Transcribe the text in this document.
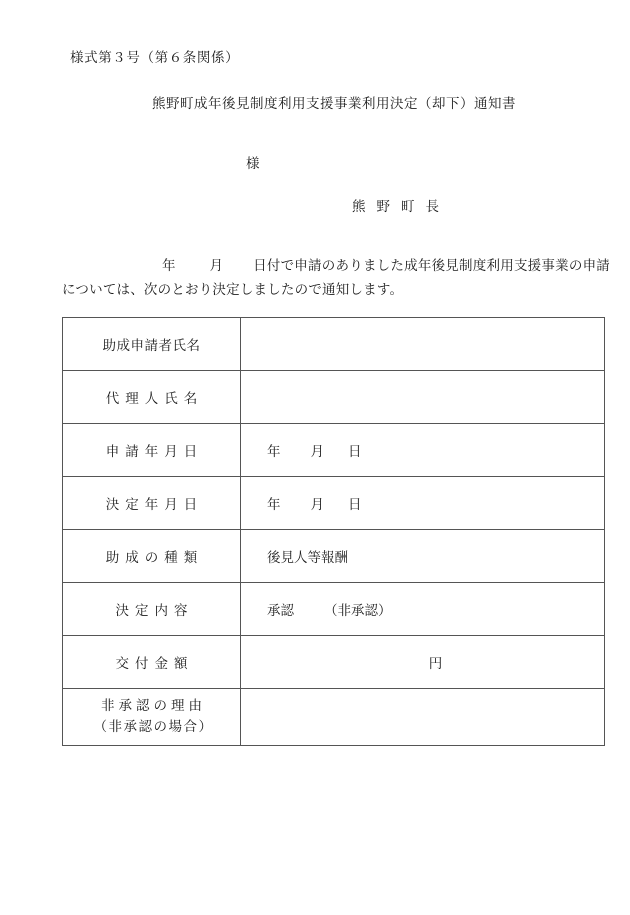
様式第３号（第６条関係）
熊野町成年後見制度利用支援事業利用決定（却下）通知書
様
熊野町長
年	月 日付で申請のありました成年後見制度利用支援事業の申請については、次のとおり決定しましたので通知します。
助成申請者氏名	

代理人氏名	

申請年月日	年 月 日

決定年月日	年 月 日

助成の種類	後見人等報酬

決定内容	承認 （非承認）

交付金額	円

非承認の理由
（非承認の場合）	
